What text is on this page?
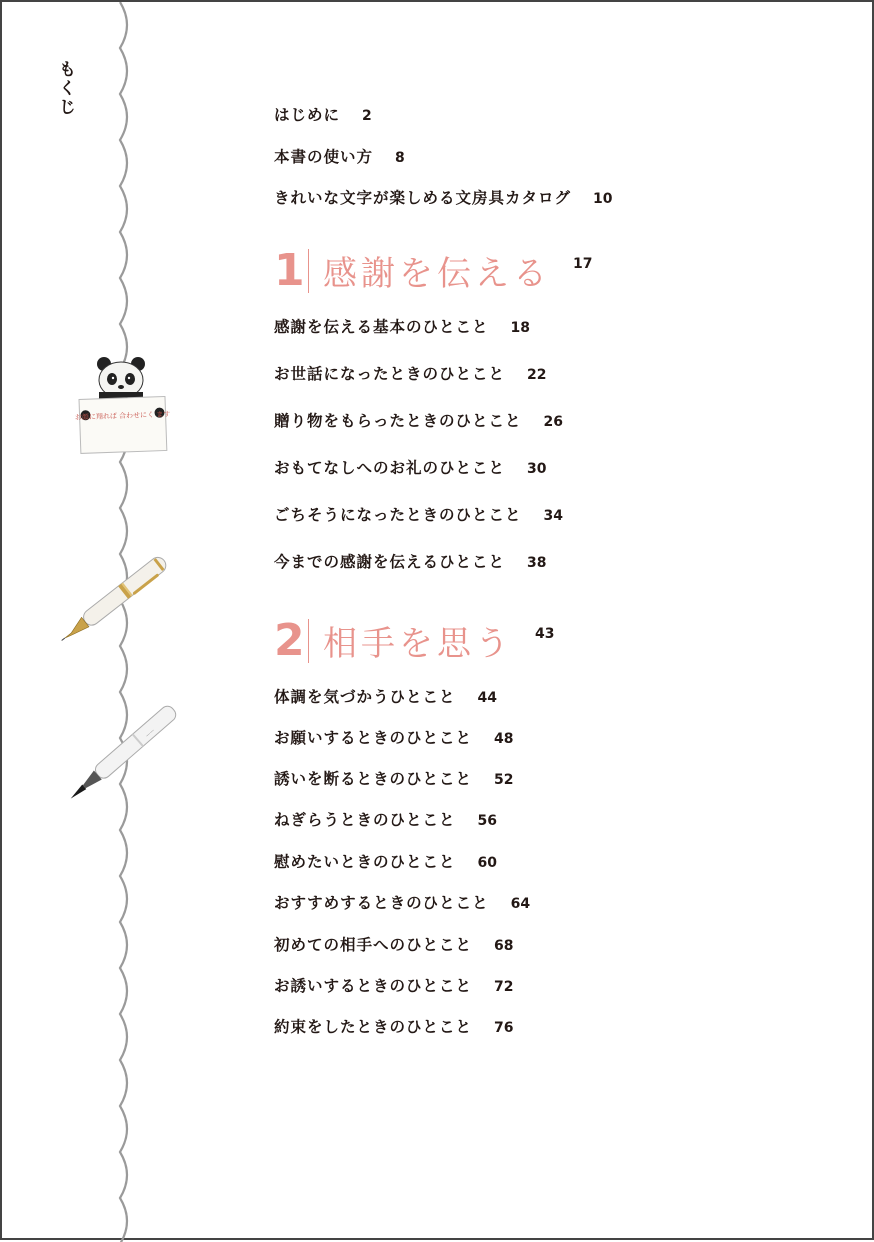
もくじ	はじめに 2
本書の使い方 8
きれいな文字が楽しめる文房具カタログ 10
1 感謝を伝える 17
感謝を伝える基本のひとこと 18
お世話になったときのひとこと 22
贈り物をもらったときのひとこと 26
おもてなしへのお礼のひとこと 30
ごちそうになったときのひとこと 34
今までの感謝を伝えるひとこと 38
2 相手を思う 43
体調を気づかうひとこと 44
お願いするときのひとこと 48
誘いを断るときのひとこと 52
ねぎらうときのひとこと 56
慰めたいときのひとこと 60
おすすめするときのひとこと 64
初めての相手へのひとこと 68
お誘いするときのひとこと 72
約束をしたときのひとこと 76
お顔に翔れば 合わせにく ます
——
